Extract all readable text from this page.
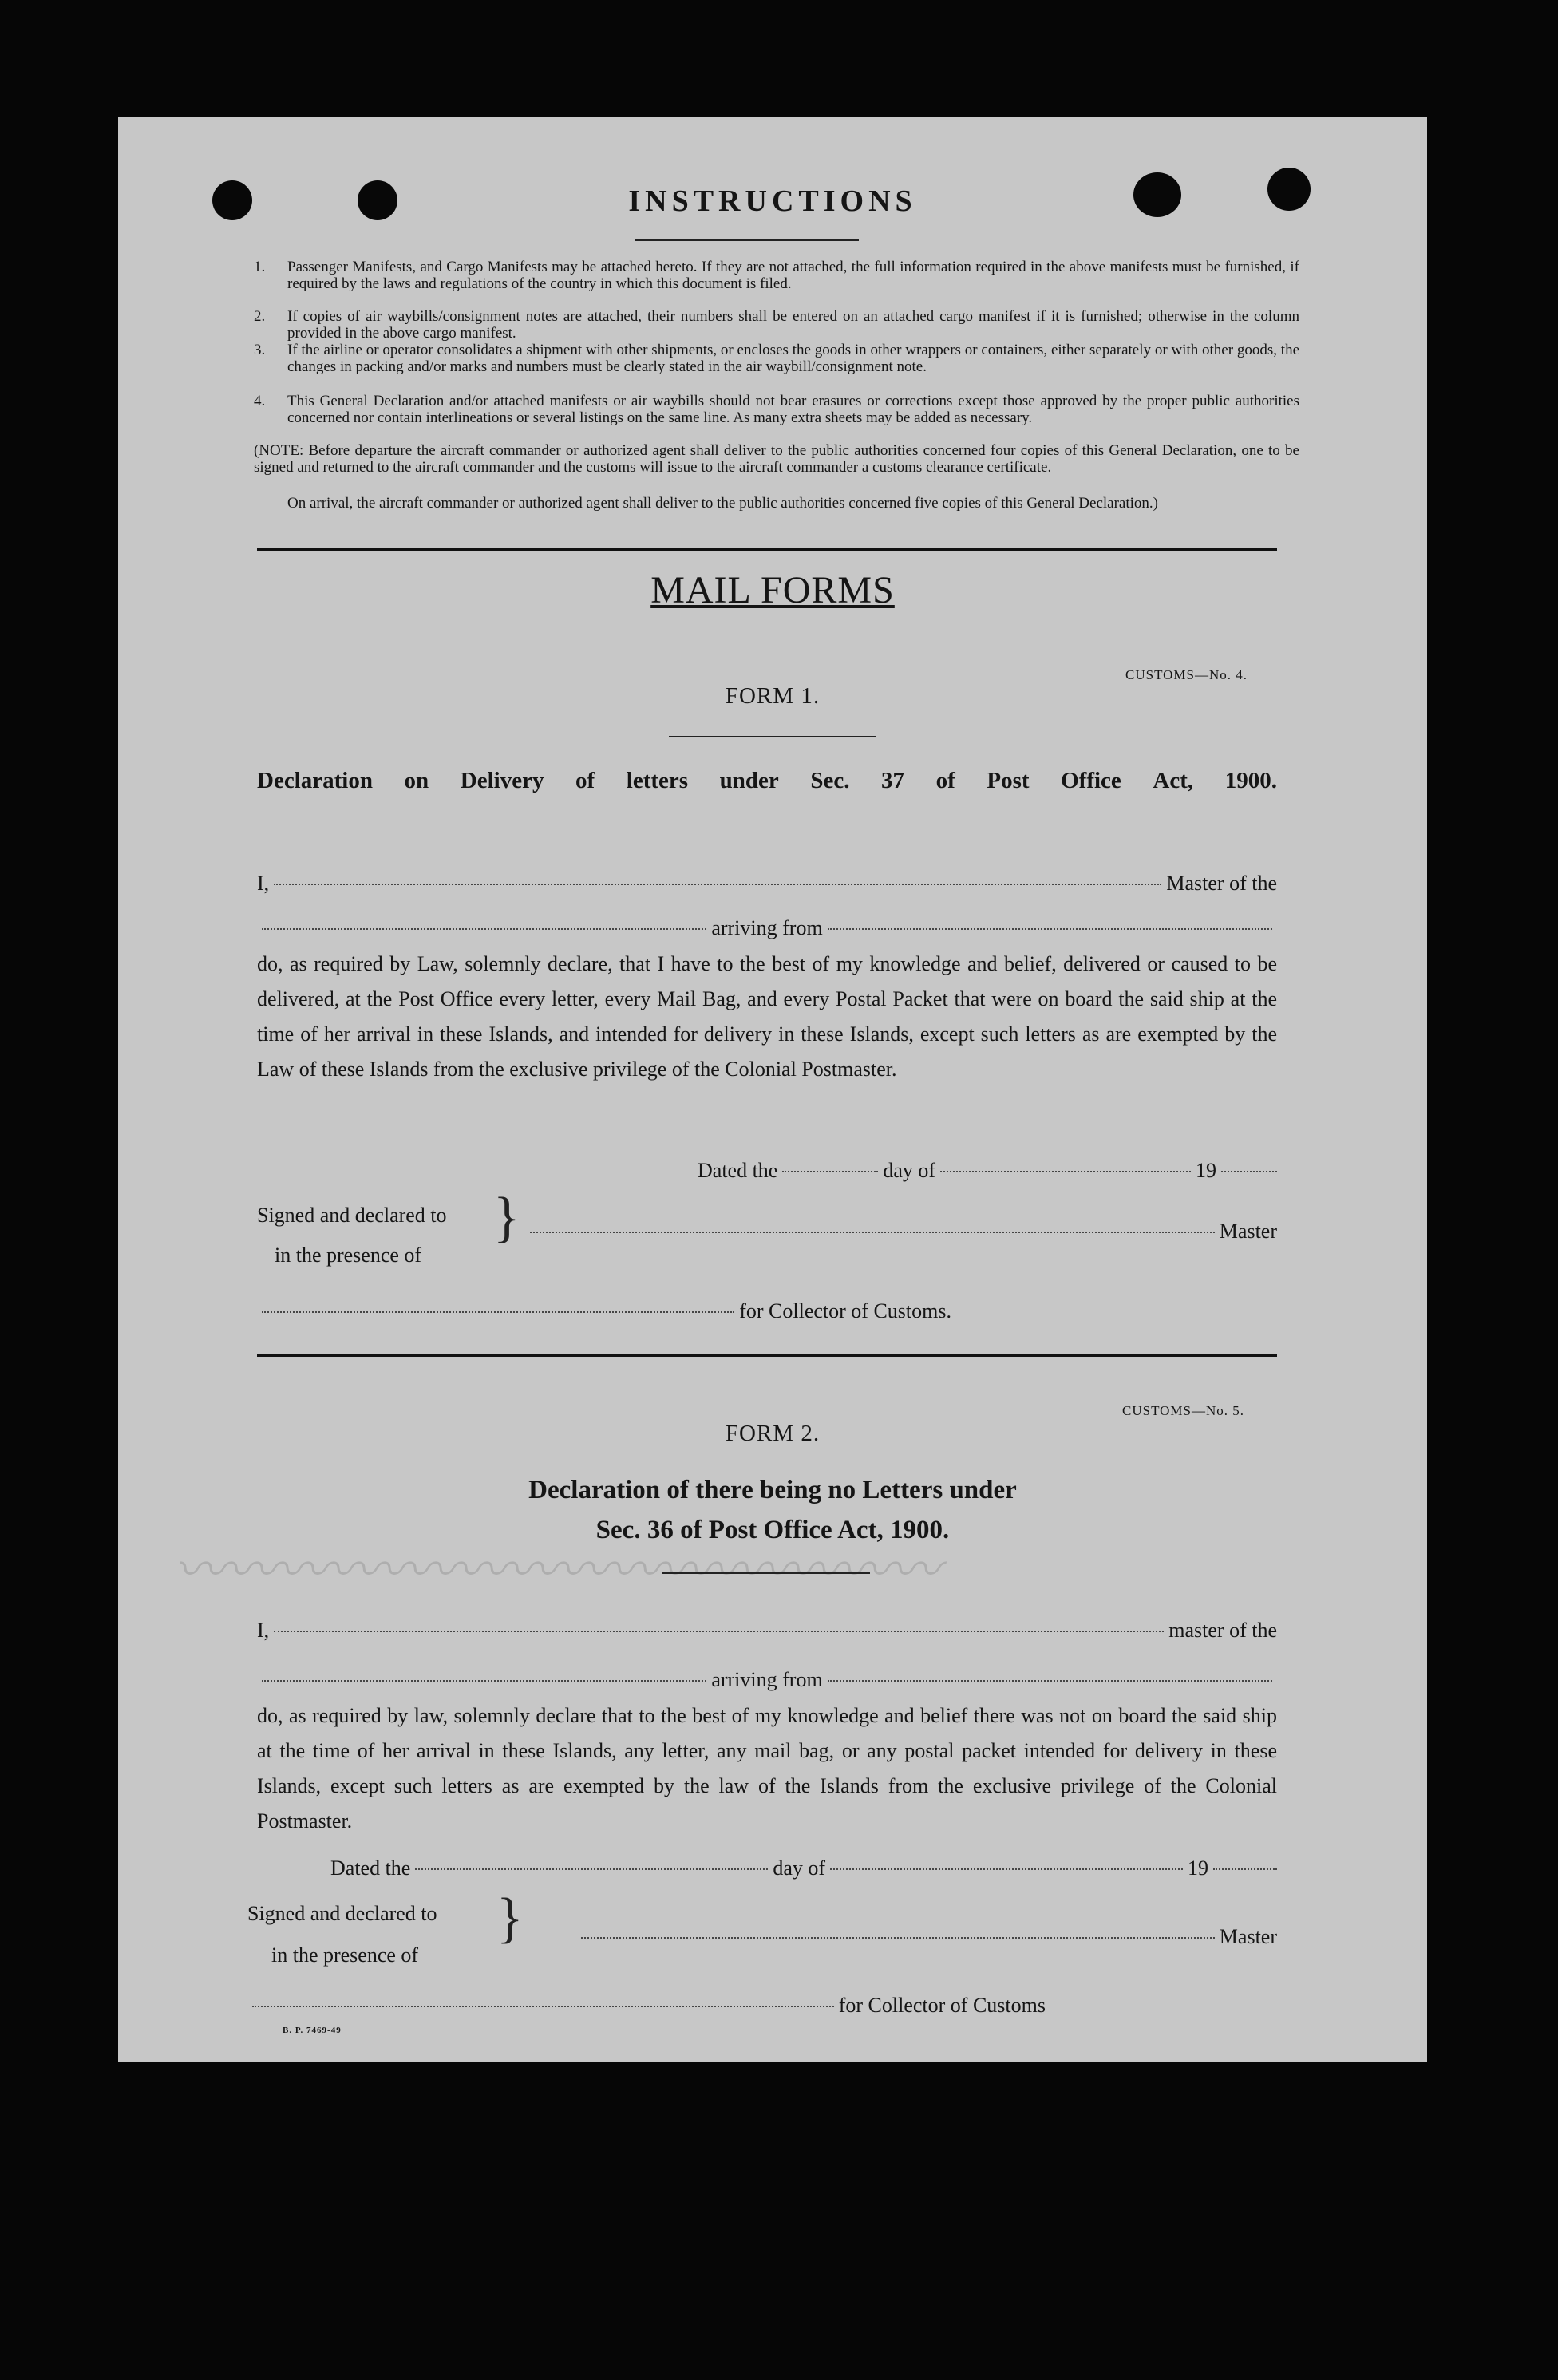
〰〰〰〰〰〰〰〰〰〰〰〰〰〰〰
INSTRUCTIONS
1.	Passenger Manifests, and Cargo Manifests may be attached hereto. If they are not attached, the full information required in the above manifests must be furnished, if required by the laws and regulations of the country in which this document is filed.
2.	If copies of air waybills/consignment notes are attached, their numbers shall be entered on an attached cargo manifest if it is furnished; otherwise in the column provided in the above cargo manifest.
3.	If the airline or operator consolidates a shipment with other shipments, or encloses the goods in other wrappers or containers, either separately or with other goods, the changes in packing and/or marks and numbers must be clearly stated in the air waybill/consignment note.
4.	This General Declaration and/or attached manifests or air waybills should not bear erasures or corrections except those approved by the proper public authorities concerned nor contain interlineations or several listings on the same line. As many extra sheets may be added as necessary.
(NOTE: Before departure the aircraft commander or authorized agent shall deliver to the public authorities concerned four copies of this General Declaration, one to be signed and returned to the aircraft commander and the customs will issue to the aircraft commander a customs clearance certificate.
On arrival, the aircraft commander or authorized agent shall deliver to the public authorities concerned five copies of this General Declaration.)
MAIL FORMS
CUSTOMS—No. 4.
FORM 1.
Declaration on Delivery of letters under Sec. 37 of Post Office Act, 1900.
I,	Master of the
arriving from
do, as required by Law, solemnly declare, that I have to the best of my knowledge and belief, delivered or caused to be delivered, at the Post Office every letter, every Mail Bag, and every Postal Packet that were on board the said ship at the time of her arrival in these Islands, and intended for delivery in these Islands, except such letters as are exempted by the Law of these Islands from the exclusive privilege of the Colonial Postmaster.
Dated the	day of	19
Signed and declared to
in the presence of
}	Master
for Collector of Customs.
CUSTOMS—No. 5.
FORM 2.
Declaration of there being no Letters under
Sec. 36 of Post Office Act, 1900.
I,	master of the
arriving from
do, as required by law, solemnly declare that to the best of my knowledge and belief there was not on board the said ship at the time of her arrival in these Islands, any letter, any mail bag, or any postal packet intended for delivery in these Islands, except such letters as are exempted by the law of the Islands from the exclusive privilege of the Colonial Postmaster.
Dated the	day of	19
Signed and declared to
in the presence of
}	Master
for Collector of Customs
B. P. 7469-49
